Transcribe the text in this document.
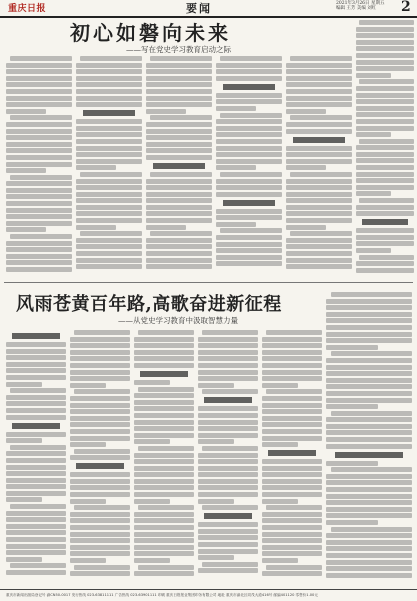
重庆日报	要闻	2021年3月26日 星期五
编辑 王芳 美编 刘红	2
初心如磐向未来
——写在党史学习教育启动之际
风雨苍黄百年路,高歌奋进新征程
——从党史学习教育中汲取智慧力量
重庆市新闻出版局登记号 渝CN50-0017 发行热线 023-63811111 广告热线 023-63901111 印刷 重庆日报报业集团印务有限公司 地址 重庆市渝北区同茂大道416号 邮编401120 零售价1.00元
